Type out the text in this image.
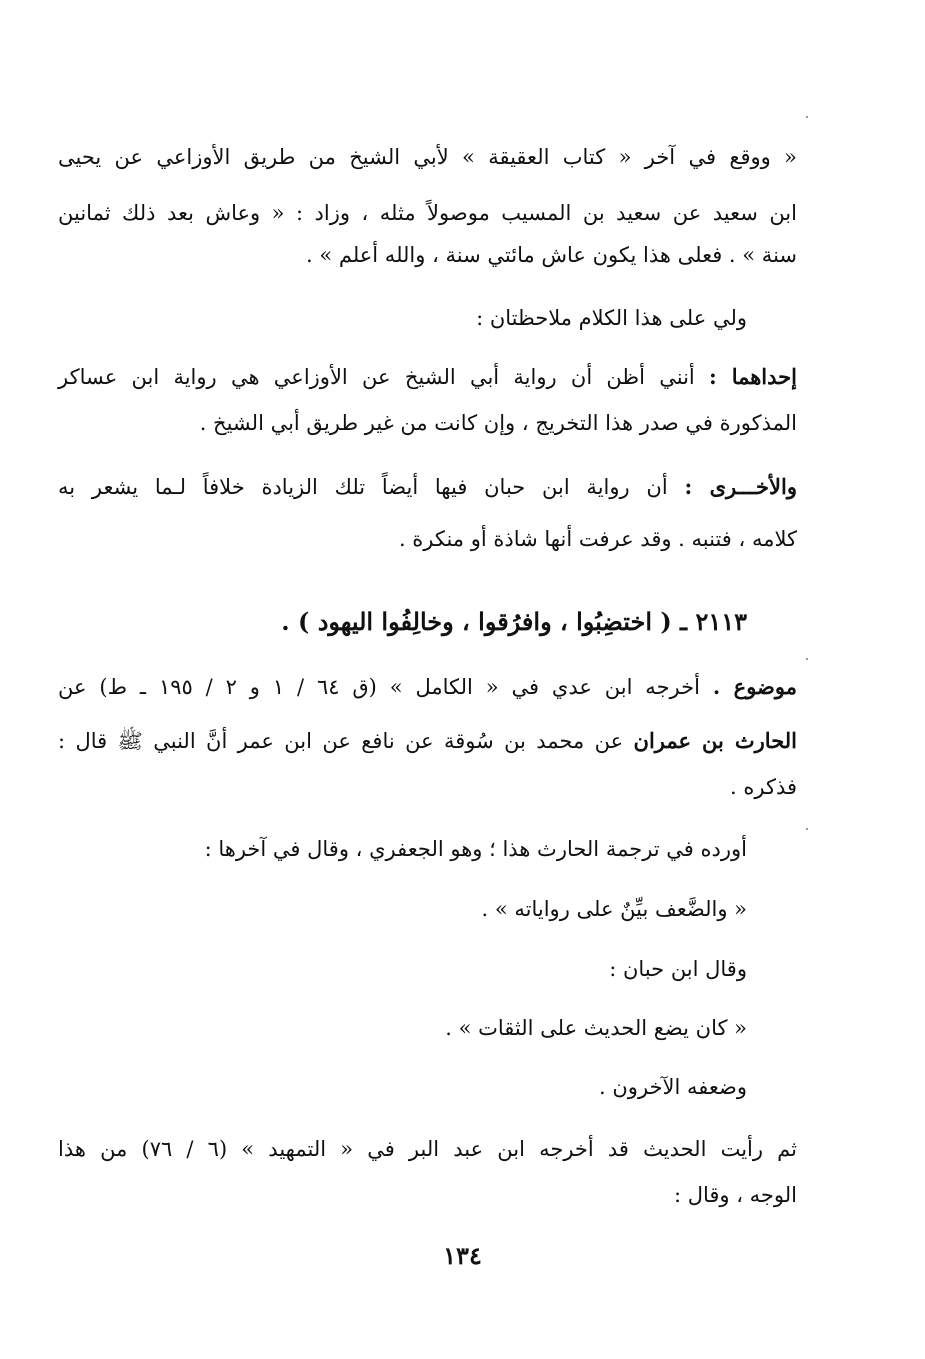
« ووقع في آخر « كتاب العقيقة » لأبي الشيخ من طريق الأوزاعي عن يحيى
ابن سعيد عن سعيد بن المسيب موصولاً مثله ، وزاد : « وعاش بعد ذلك ثمانين
سنة » . فعلى هذا يكون عاش مائتي سنة ، والله أعلم » .
ولي على هذا الكلام ملاحظتان :
إحداهما : أنني أظن أن رواية أبي الشيخ عن الأوزاعي هي رواية ابن عساكر
المذكورة في صدر هذا التخريج ، وإن كانت من غير طريق أبي الشيخ .
والأخـــرى : أن رواية ابن حبان فيها أيضاً تلك الزيادة خلافاً لـما يشعر به
كلامه ، فتنبه . وقد عرفت أنها شاذة أو منكرة .
٢١١٣ ـ ( اختضِبُوا ، وافرُقوا ، وخالِفُوا اليهود ) .
موضوع . أخرجه ابن عدي في « الكامل » (ق ٦٤ / ١ و ٢ / ١٩٥ ـ ط) عن
الحارث بن عمران عن محمد بن سُوقة عن نافع عن ابن عمر أنَّ النبي ﷺ قال :
فذكره .
أورده في ترجمة الحارث هذا ؛ وهو الجعفري ، وقال في آخرها :
« والضَّعف بيِّنٌ على رواياته » .
وقال ابن حبان :
« كان يضع الحديث على الثقات » .
وضعفه الآخرون .
ثم رأيت الحديث قد أخرجه ابن عبد البر في « التمهيد » (٦ / ٧٦) من هذا
الوجه ، وقال :
١٣٤
